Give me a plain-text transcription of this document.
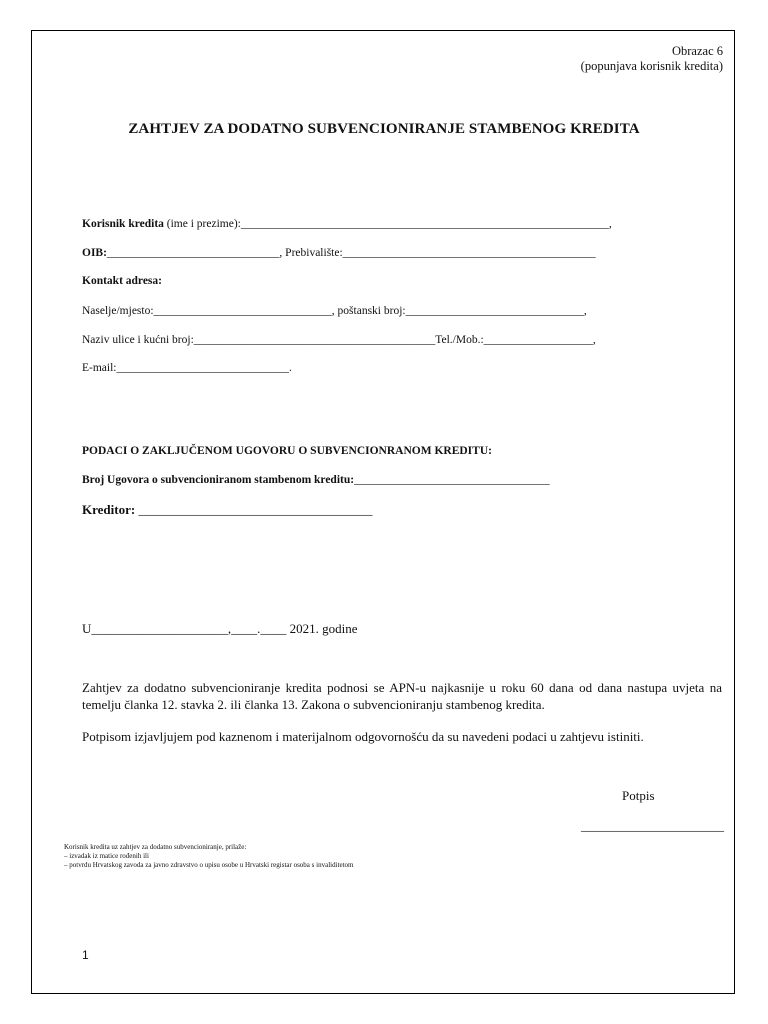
Obrazac 6
(popunjava korisnik kredita)
ZAHTJEV ZA DODATNO SUBVENCIONIRANJE STAMBENOG KREDITA
Korisnik kredita (ime i prezime):________________________________________________________________,
OIB:______________________________, Prebivalište:____________________________________________
Kontakt adresa:
Naselje/mjesto:_______________________________, poštanski broj:_______________________________,
Naziv ulice i kućni broj:__________________________________________Tel./Mob.:___________________,
E-mail:______________________________.
PODACI O ZAKLJUČENOM UGOVORU O SUBVENCIONRANOM KREDITU:
Broj Ugovora o subvencioniranom stambenom kreditu:__________________________________
Kreditor: ____________________________________
U_____________________,____.____ 2021. godine
Zahtjev za dodatno subvencioniranje kredita podnosi se APN-u najkasnije u roku 60 dana od dana nastupa uvjeta na temelju članka 12. stavka 2. ili članka 13. Zakona o subvencioniranju stambenog kredita.
Potpisom izjavljujem pod kaznenom i materijalnom odgovornošću da su navedeni podaci u zahtjevu istiniti.
Potpis
______________________
Korisnik kredita uz zahtjev za dodatno subvencioniranje, prilaže:
– izvadak iz matice rođenih ili
– potvrdu Hrvatskog zavoda za javno zdravstvo o upisu osobe u Hrvatski registar osoba s invaliditetom
1
